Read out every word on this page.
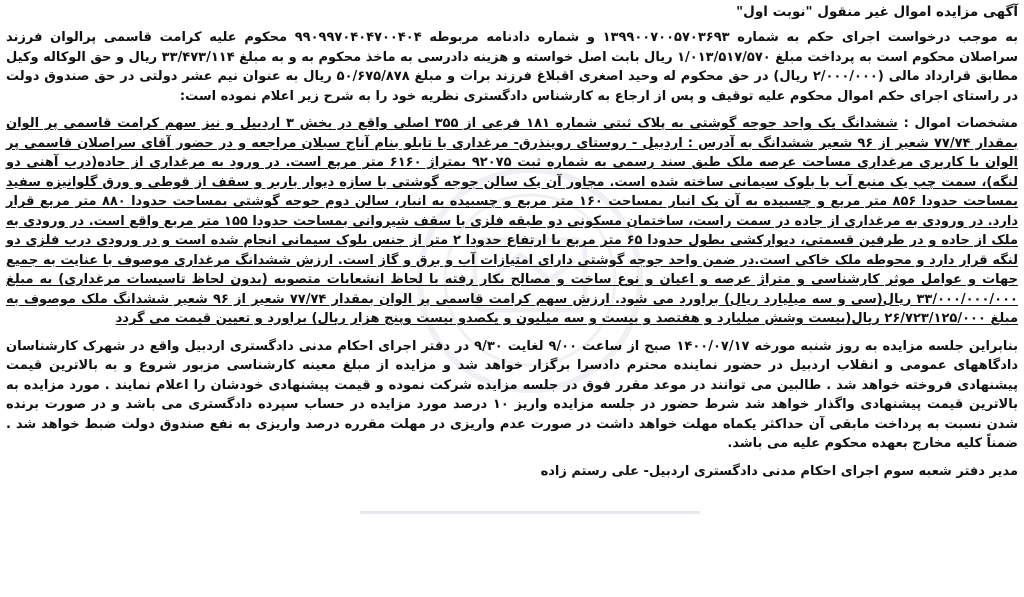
آگهی مزایده اموال غیر منقول "نوبت اول"

به موجب درخواست اجرای حکم به شماره ۱۳۹۹۰۰۷۰۰۵۷۰۳۶۹۳ و شماره دادنامه مربوطه ۹۹۰۹۹۷۰۴۰۴۷۰۰۴۰۴ محکوم علیه کرامت قاسمی پرالوان فرزند سراصلان محکوم است به پرداخت مبلغ ۱/۰۱۳/۵۱۷/۵۷۰ ریال بابت اصل خواسته و هزینه دادرسی به ماخذ محکوم به و به مبلغ ۳۳/۴۷۳/۱۱۴ ریال و حق الوکاله وکیل مطابق قرارداد مالی (۲/۰۰۰/۰۰۰ ریال) در حق محکوم له وحید اصغری اقبلاغ فرزند برات و مبلغ ۵۰/۶۷۵/۸۷۸ ریال به عنوان نیم عشر دولتی در حق صندوق دولت در راستای اجرای حکم اموال محکوم علیه توقیف و پس از ارجاع به کارشناس دادگستری نظریه خود را به شرح زیر اعلام نموده است:

مشخصات اموال : ششدانگ یک واحد جوجه گوشتی به پلاک ثبتی شماره ۱۸۱ فرعی از ۳۵۵ اصلی واقع در بخش ۳ اردبیل و نیز سهم کرامت قاسمی پر الوان بمقدار ۷۷/۷۴ شعیر از ۹۶ شعیر ششدانگ به آدرس : اردبیل - روستای روینذرق- مرغداری با تابلو بنام آناج سبلان مراجعه و در حضور آقای سراصلان قاسمی پر الوان با کاربری مرغداری مساحت عرصه ملک طبق سند رسمی به شماره ثبت ۹۲۰۷۵ بمتراژ ۶۱۶۰ متر مربع است. در ورود به مرغداری از جاده(درب آهنی دو لنگه)، سمت چپ یک منبع آب با بلوک سیمانی ساخته شده است. مجاور آن یک سالن جوجه گوشتی با سازه دیوار باربر و سقف از قوطی و ورق گلوانیزه سفید بمساحت حدودا ۸۵۶ متر مربع و چسبیده به آن یک انبار بمساحت ۱۶۰ متر مربع و چسبیده به انبار، سالن دوم جوجه گوشتی بمساحت حدودا ۸۸۰ متر مربع قرار دارد. در ورودی به مرغداری از جاده در سمت راست، ساختمان مسکونی دو طبقه فلزی با سقف شیروانی بمساحت حدودا ۱۵۵ متر مربع واقع است. در ورودی به ملک از جاده و در طرفین قسمتی، دیوارکشی بطول حدودا ۶۵ متر مربع با ارتفاع حدودا ۲ متر از جنس بلوک سیمانی انجام شده است و در ورودی درب فلزی دو لنگه قرار دارد و محوطه ملک خاکی است.در ضمن واحد جوجه گوشتی دارای امتیازات آب و برق و گاز است. ارزش ششدانگ مرغداری موصوف با عنایت به جمیع جهات و عوامل موثر کارشناسی و متراژ عرصه و اعیان و نوع ساخت و مصالح بکار رفته با لحاظ انشعابات متصوبه (بدون لحاظ تاسیسات مرغداری) به مبلغ ۳۳/۰۰۰/۰۰۰/۰۰۰ ریال(سی و سه میلیارد ریال) براورد می شود. ارزش سهم کرامت قاسمی پر الوان بمقدار ۷۷/۷۴ شعیر از ۹۶ شعیر ششدانگ ملک موصوف به مبلغ ۲۶/۷۲۳/۱۲۵/۰۰۰ ریال(بیست وشش میلیارد و هفتصد و بیست و سه میلیون و یکصدو بیست وپنج هزار ریال) براورد و تعیین قیمت می گردد

بنابراین جلسه مزایده به روز شنبه مورخه ۱۴۰۰/۰۷/۱۷ صبح از ساعت ۹/۰۰ لغایت ۹/۳۰ در دفتر اجرای احکام مدنی دادگستری اردبیل واقع در شهرک کارشناسان دادگاههای عمومی و انقلاب اردبیل در حضور نماینده محترم دادسرا برگزار خواهد شد و مزایده از مبلغ معینه کارشناسی مزبور شروع و به بالاترین قیمت پیشنهادی فروخته خواهد شد . طالبین می توانند در موعد مقرر فوق در جلسه مزایده شرکت نموده و قیمت پیشنهادی خودشان را اعلام نمایند . مورد مزایده به بالاترین قیمت پیشنهادی واگذار خواهد شد شرط حضور در جلسه مزایده واریز ۱۰ درصد مورد مزایده در حساب سپرده دادگستری می باشد و در صورت برنده شدن نسبت به پرداخت مابقی آن حداکثر یکماه مهلت خواهد داشت در صورت عدم واریزی در مهلت مقرره درصد واریزی به نفع صندوق دولت ضبط خواهد شد . ضمناً کلیه مخارج بعهده محکوم علیه می باشد.

مدیر دفتر شعبه سوم اجرای احکام مدنی دادگستری اردبیل- علی رستم زاده
